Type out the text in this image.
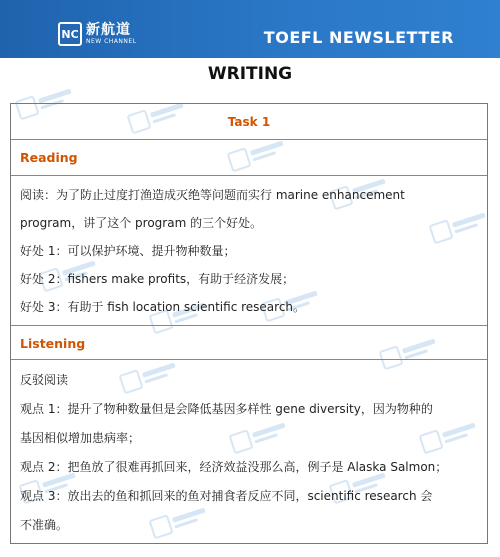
NC 新航道
NEW CHANNEL	TOEFL NEWSLETTER
WRITING
Task 1
Reading
阅读：为了防止过度打渔造成灭绝等问题而实行 marine enhancement
program，讲了这个 program 的三个好处。
好处 1：可以保护环境、提升物种数量；
好处 2：fishers make profits，有助于经济发展；
好处 3：有助于 fish location scientific research。
Listening
反驳阅读
观点 1：提升了物种数量但是会降低基因多样性 gene diversity，因为物种的
基因相似增加患病率；
观点 2：把鱼放了很难再抓回来，经济效益没那么高，例子是 Alaska Salmon；
观点 3：放出去的鱼和抓回来的鱼对捕食者反应不同，scientific research 会
不准确。
